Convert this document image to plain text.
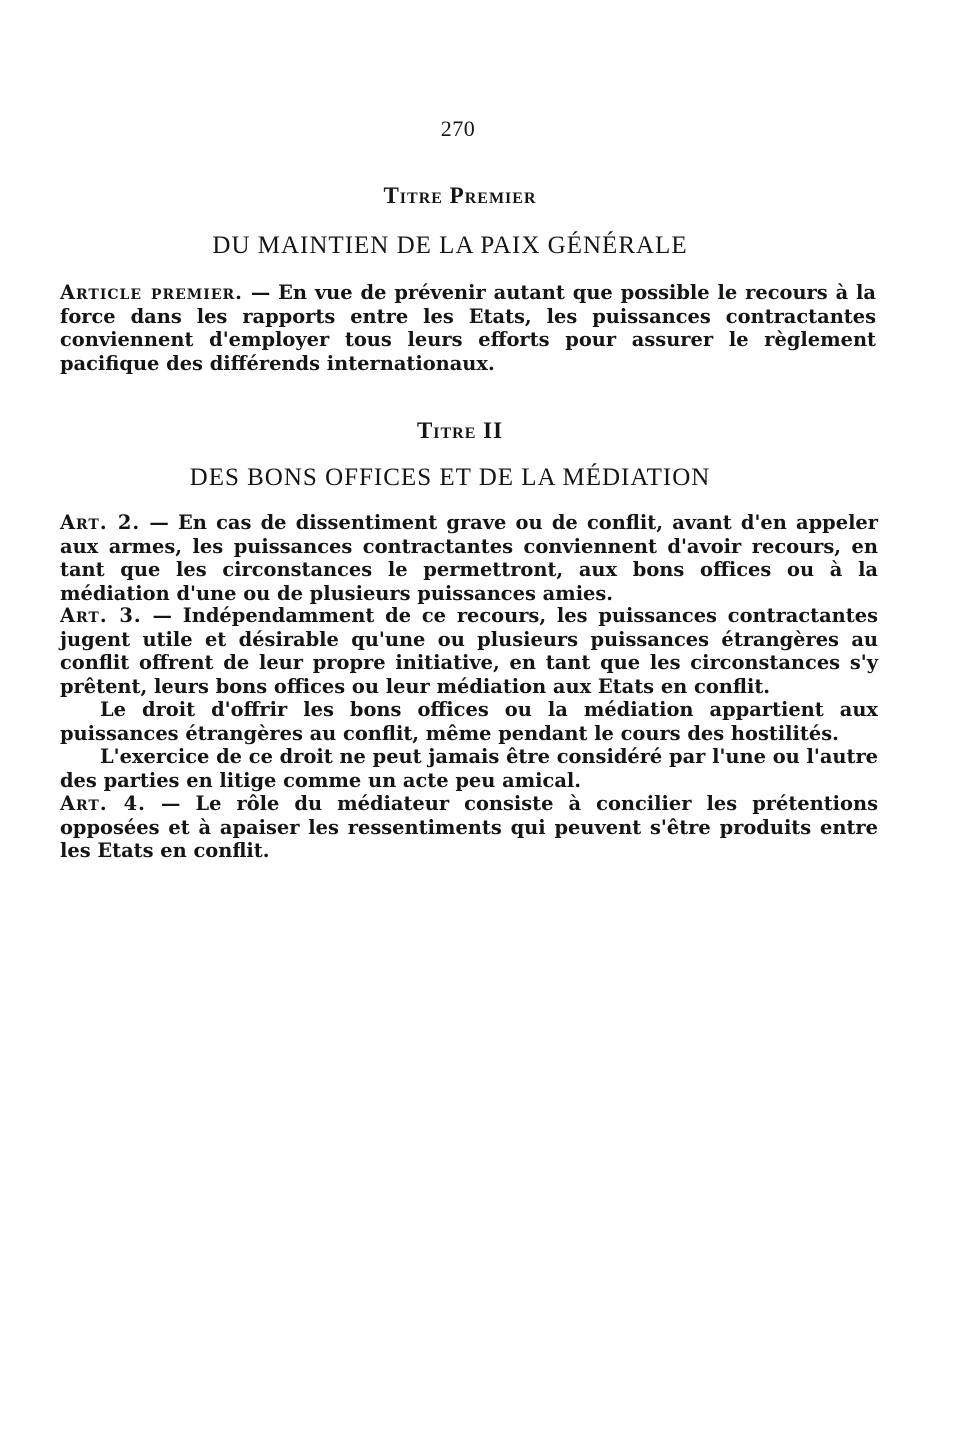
270
Titre Premier
DU MAINTIEN DE LA PAIX GÉNÉRALE

Article premier. — En vue de prévenir autant que possible le recours à la force dans les rapports entre les Etats, les puissances contractantes conviennent d'employer tous leurs efforts pour assurer le règlement pacifique des différends internationaux.

Titre II
DES BONS OFFICES ET DE LA MÉDIATION

Art. 2. — En cas de dissentiment grave ou de conflit, avant d'en appeler aux armes, les puissances contractantes conviennent d'avoir recours, en tant que les circonstances le permettront, aux bons offices ou à la médiation d'une ou de plusieurs puissances amies.

Art. 3. — Indépendamment de ce recours, les puissances contractantes jugent utile et désirable qu'une ou plusieurs puissances étrangères au conflit offrent de leur propre initiative, en tant que les circonstances s'y prêtent, leurs bons offices ou leur médiation aux Etats en conflit.

Le droit d'offrir les bons offices ou la médiation appartient aux puissances étrangères au conflit, même pendant le cours des hostilités.

L'exercice de ce droit ne peut jamais être considéré par l'une ou l'autre des parties en litige comme un acte peu amical.

Art. 4. — Le rôle du médiateur consiste à concilier les prétentions opposées et à apaiser les ressentiments qui peuvent s'être produits entre les Etats en conflit.
